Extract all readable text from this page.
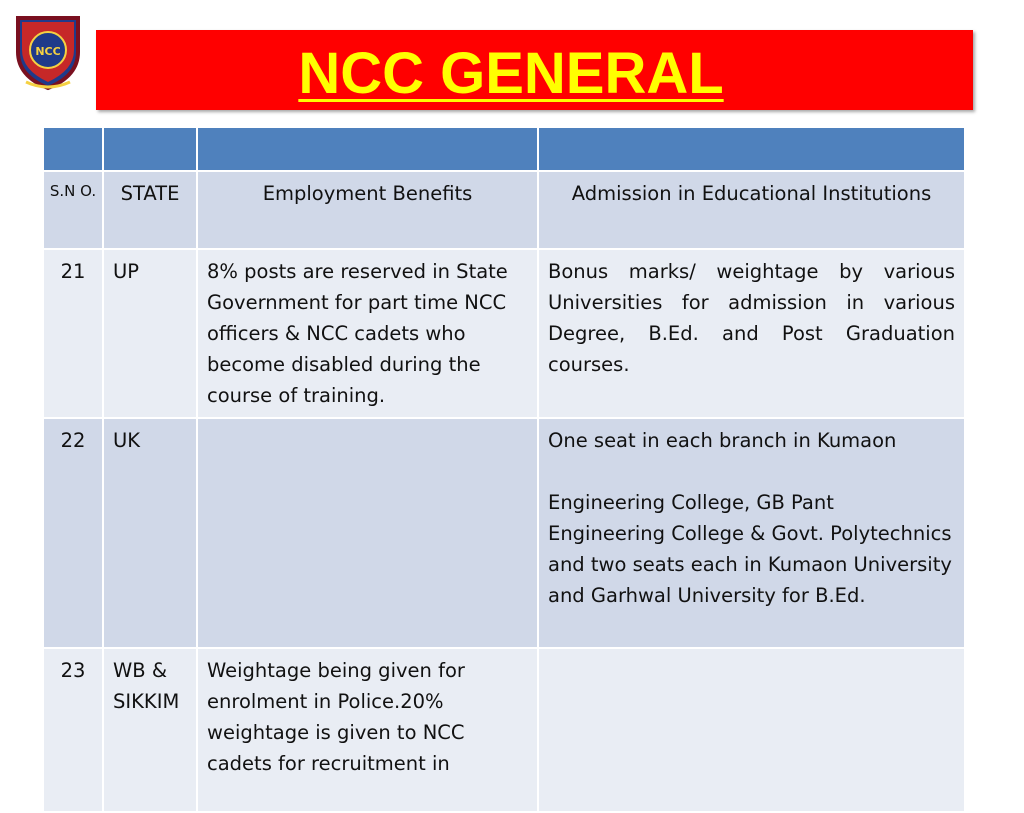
NCC	NCC GENERAL

S.N O.	STATE	Employment Benefits	Admission in Educational Institutions
21	UP	8% posts are reserved in State Government for part time NCC officers & NCC cadets who become disabled during the course of training.	Bonus marks/ weightage by various Universities for admission in various Degree, B.Ed. and Post Graduation courses.
22	UK		One seat in each branch in Kumaon
Engineering College, GB Pant Engineering College & Govt. Polytechnics and two seats each in Kumaon University and Garhwal University for B.Ed.

23	WB & SIKKIM	Weightage being given for enrolment in Police.20% weightage is given to NCC cadets for recruitment in	
